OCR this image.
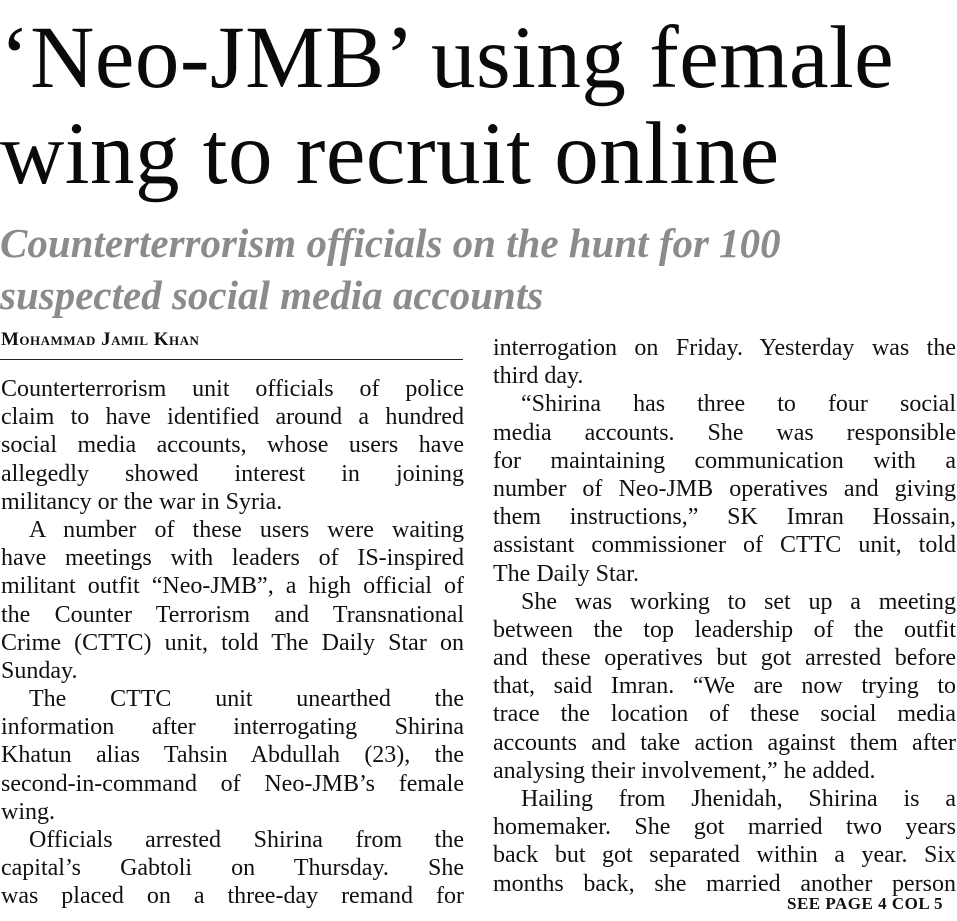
‘Neo-JMB’ using female
wing to recruit online
Counterterrorism officials on the hunt for 100
suspected social media accounts
Mohammad Jamil Khan
Counterterrorism unit officials of police
claim to have identified around a hundred
social media accounts, whose users have
allegedly showed interest in joining
militancy or the war in Syria.
A number of these users were waiting
have meetings with leaders of IS-inspired
militant outfit “Neo-JMB”, a high official of
the Counter Terrorism and Transnational
Crime (CTTC) unit, told The Daily Star on
Sunday.
The CTTC unit unearthed the
information after interrogating Shirina
Khatun alias Tahsin Abdullah (23), the
second-in-command of Neo-JMB’s female
wing.
Officials arrested Shirina from the
capital’s Gabtoli on Thursday. She
was placed on a three-day remand for
interrogation on Friday. Yesterday was the
third day.
“Shirina has three to four social
media accounts. She was responsible
for maintaining communication with a
number of Neo-JMB operatives and giving
them instructions,” SK Imran Hossain,
assistant commissioner of CTTC unit, told
The Daily Star.
She was working to set up a meeting
between the top leadership of the outfit
and these operatives but got arrested before
that, said Imran. “We are now trying to
trace the location of these social media
accounts and take action against them after
analysing their involvement,” he added.
Hailing from Jhenidah, Shirina is a
homemaker. She got married two years
back but got separated within a year. Six
months back, she married another person
SEE PAGE 4 COL 5
